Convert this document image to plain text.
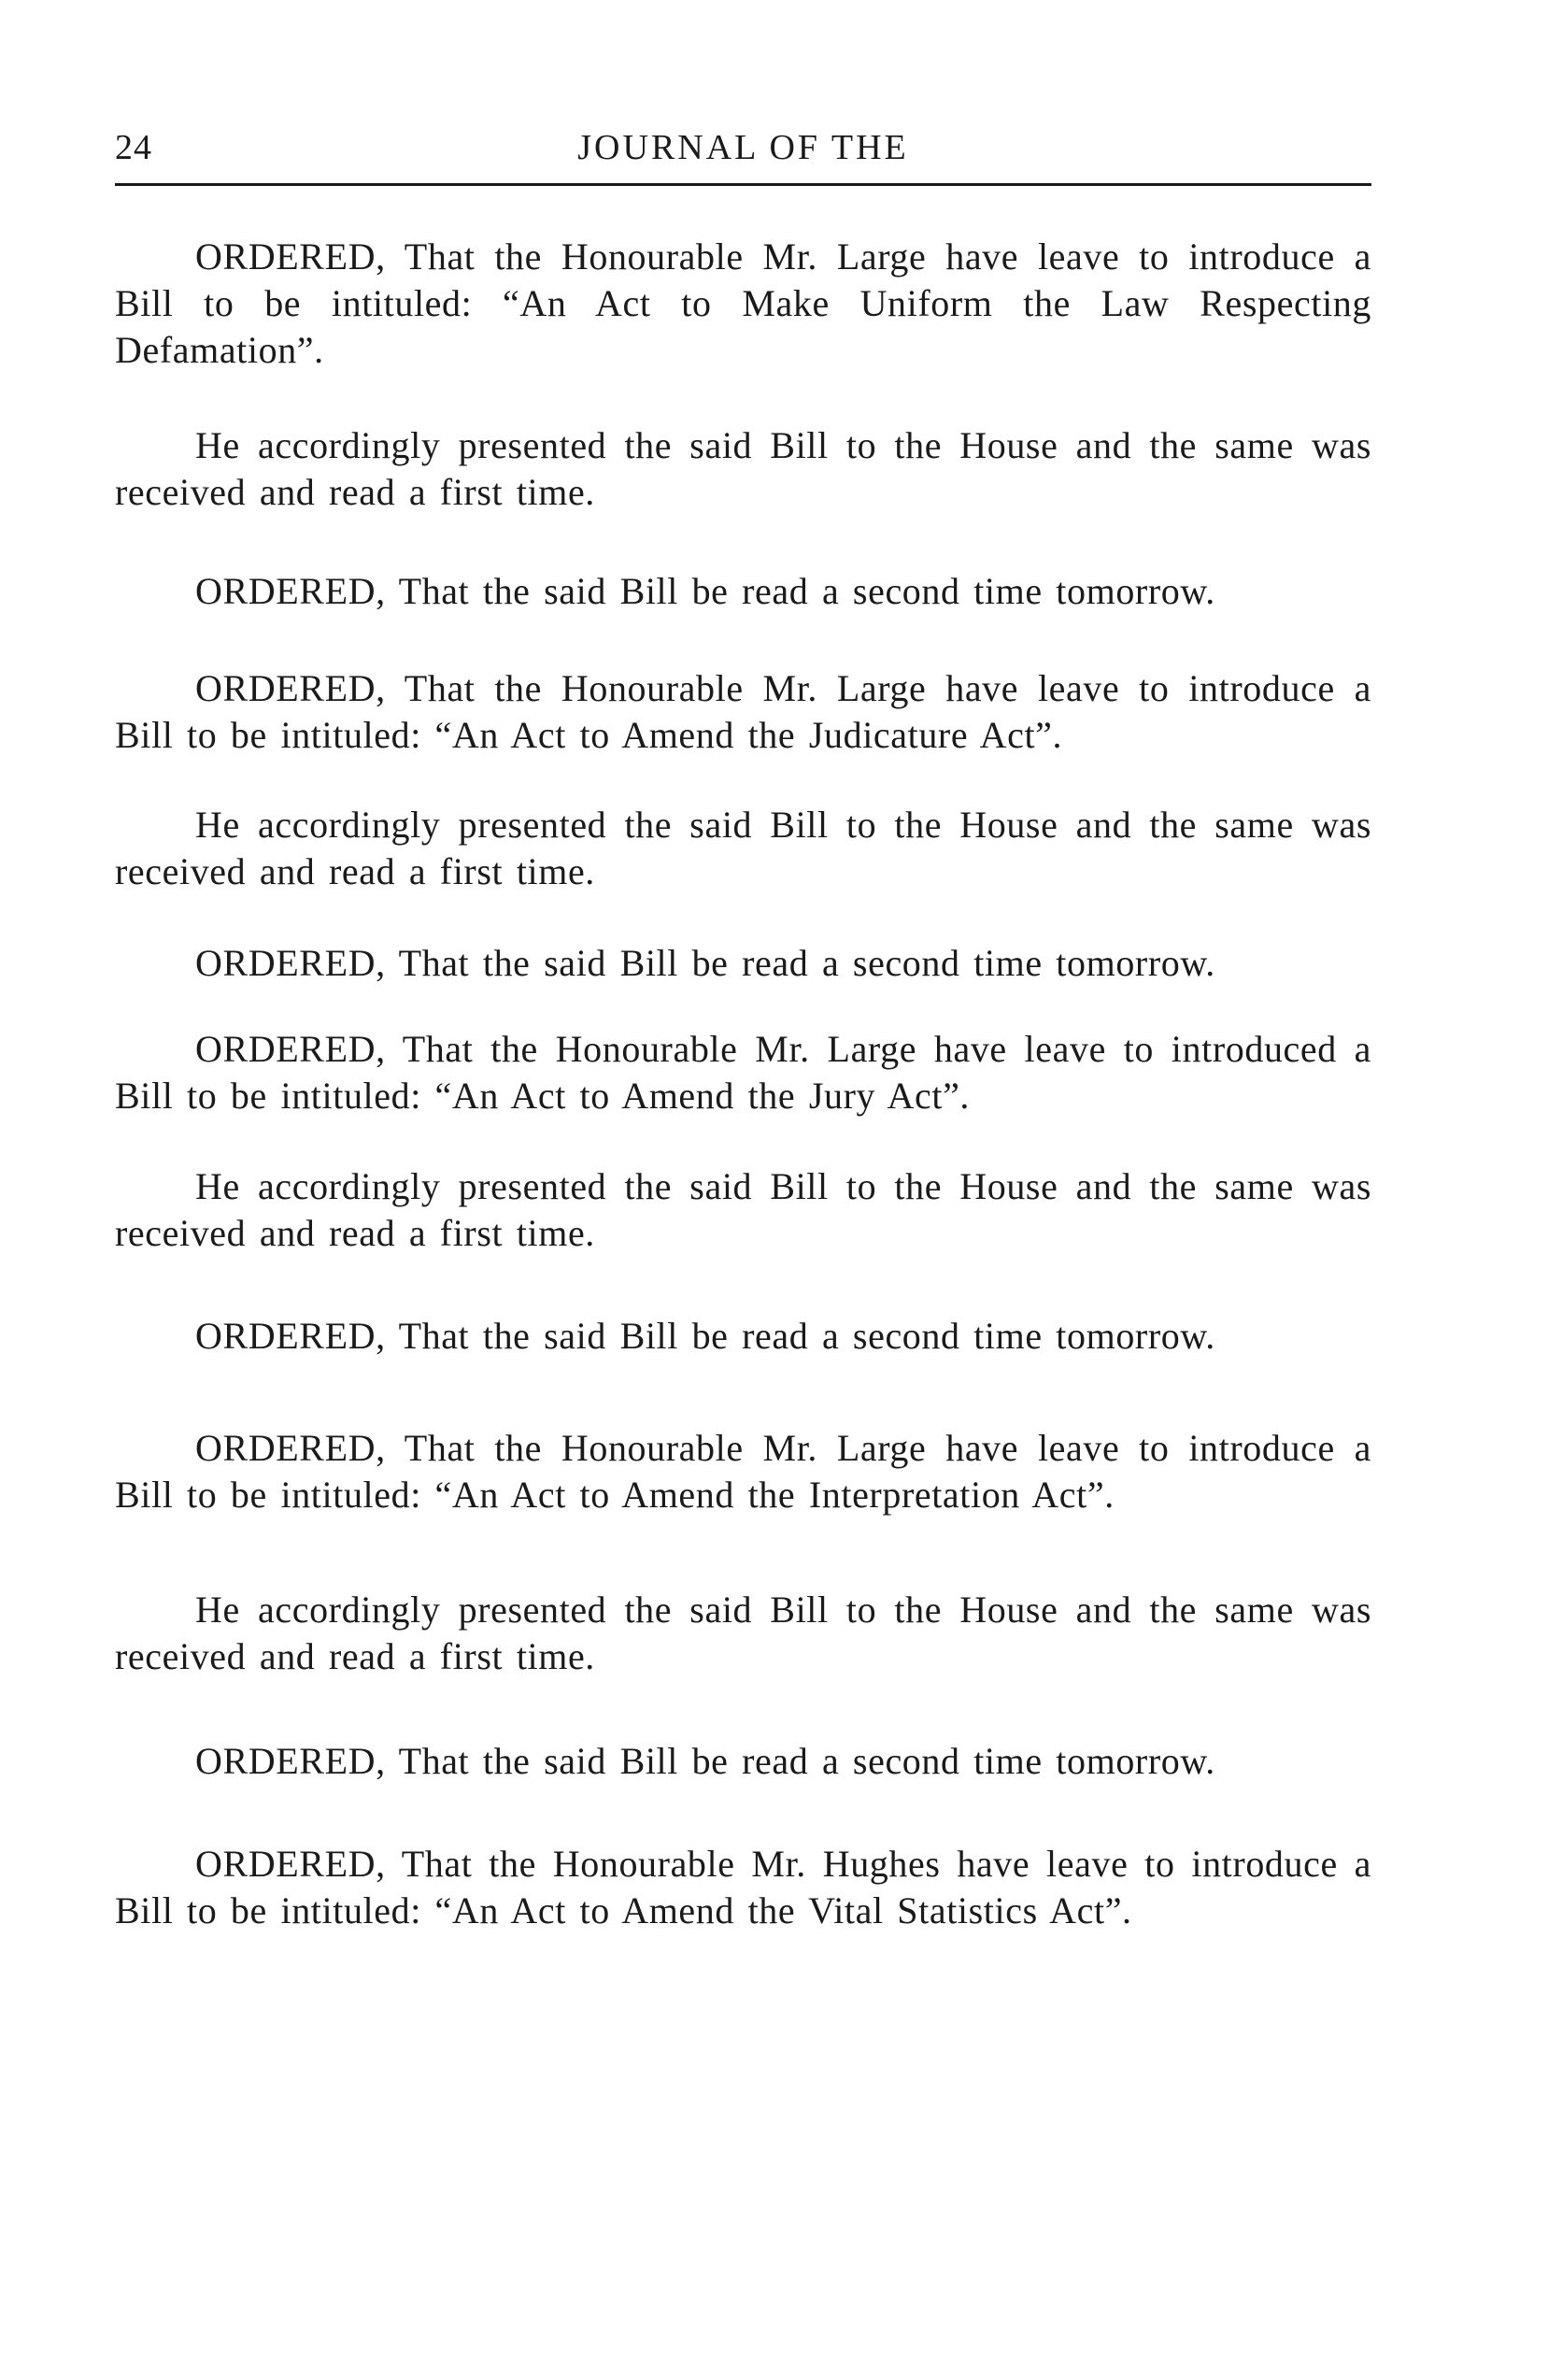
24	JOURNAL OF THE

ORDERED, That the Honourable Mr. Large have leave to introduce a Bill to be intituled: “An Act to Make Uniform the Law Respecting Defamation”.

He accordingly presented the said Bill to the House and the same was received and read a first time.

ORDERED, That the said Bill be read a second time tomorrow.

ORDERED, That the Honourable Mr. Large have leave to introduce a Bill to be intituled: “An Act to Amend the Judicature Act”.

He accordingly presented the said Bill to the House and the same was received and read a first time.

ORDERED, That the said Bill be read a second time tomorrow.

ORDERED, That the Honourable Mr. Large have leave to introduced a Bill to be intituled: “An Act to Amend the Jury Act”.

He accordingly presented the said Bill to the House and the same was received and read a first time.

ORDERED, That the said Bill be read a second time tomorrow.

ORDERED, That the Honourable Mr. Large have leave to introduce a Bill to be intituled: “An Act to Amend the Interpretation Act”.

He accordingly presented the said Bill to the House and the same was received and read a first time.

ORDERED, That the said Bill be read a second time tomorrow.

ORDERED, That the Honourable Mr. Hughes have leave to introduce a Bill to be intituled: “An Act to Amend the Vital Statistics Act”.
